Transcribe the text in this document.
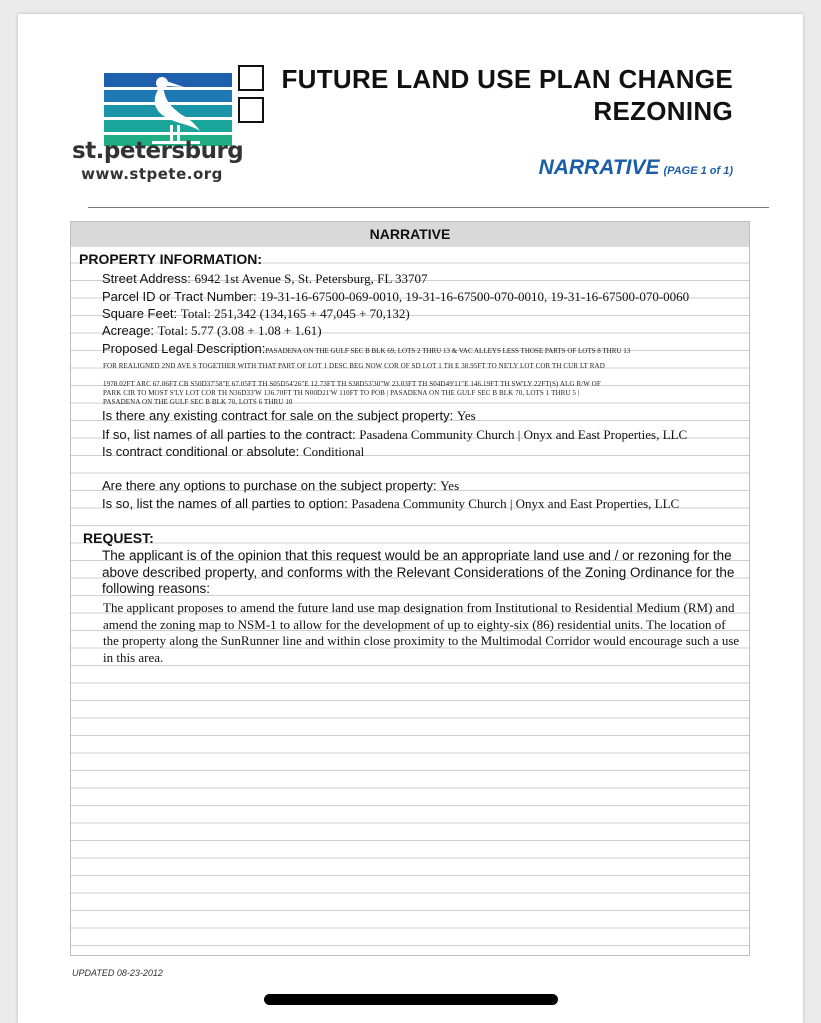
st.petersburg
www.stpete.org
FUTURE LAND USE PLAN CHANGE
REZONING
NARRATIVE (PAGE 1 of 1)
NARRATIVE
PROPERTY INFORMATION:
Street Address: 6942 1st Avenue S, St. Petersburg, FL 33707
Parcel ID or Tract Number: 19-31-16-67500-069-0010, 19-31-16-67500-070-0010, 19-31-16-67500-070-0060
Square Feet: Total: 251,342 (134,165 + 47,045 + 70,132)
Acreage: Total: 5.77 (3.08 + 1.08 + 1.61)
Proposed Legal Description:PASADENA ON THE GULF SEC B BLK 69, LOTS 2 THRU 13 & VAC ALLEYS LESS THOSE PARTS OF LOTS 8 THRU 13
FOR REALIGNED 2ND AVE S TOGETHER WITH THAT PART OF LOT 1 DESC BEG NOW COR OF SD LOT 1 TH E 38.95FT TO NE'LY LOT COR TH CUR LT RAD
1978.02FT ARC 67.06FT CB S50D37'58"E 67.05FT TH S05D54'26"E 12.73FT TH S38D53'30"W 23.03FT TH S04D49'11"E 146.19FT TH SW'LY 22FT(S) ALG R/W OF
PARK CIR TO MOST S'LY LOT COR TH N36D33'W 136.70FT TH N00D21'W 110FT TO POB | PASADENA ON THE GULF SEC B BLK 70, LOTS 1 THRU 5 |
PASADENA ON THE GULF SEC B BLK 70, LOTS 6 THRU 10
Is there any existing contract for sale on the subject property: Yes
If so, list names of all parties to the contract: Pasadena Community Church | Onyx and East Properties, LLC
Is contract conditional or absolute: Conditional
Are there any options to purchase on the subject property: Yes
Is so, list the names of all parties to option: Pasadena Community Church | Onyx and East Properties, LLC
REQUEST:
The applicant is of the opinion that this request would be an appropriate land use and / or rezoning for the above described property, and conforms with the Relevant Considerations of the Zoning Ordinance for the following reasons:
The applicant proposes to amend the future land use map designation from Institutional to Residential Medium (RM) and amend the zoning map to NSM-1 to allow for the development of up to eighty-six (86) residential units. The location of the property along the SunRunner line and within close proximity to the Multimodal Corridor would encourage such a use in this area.
UPDATED 08-23-2012
